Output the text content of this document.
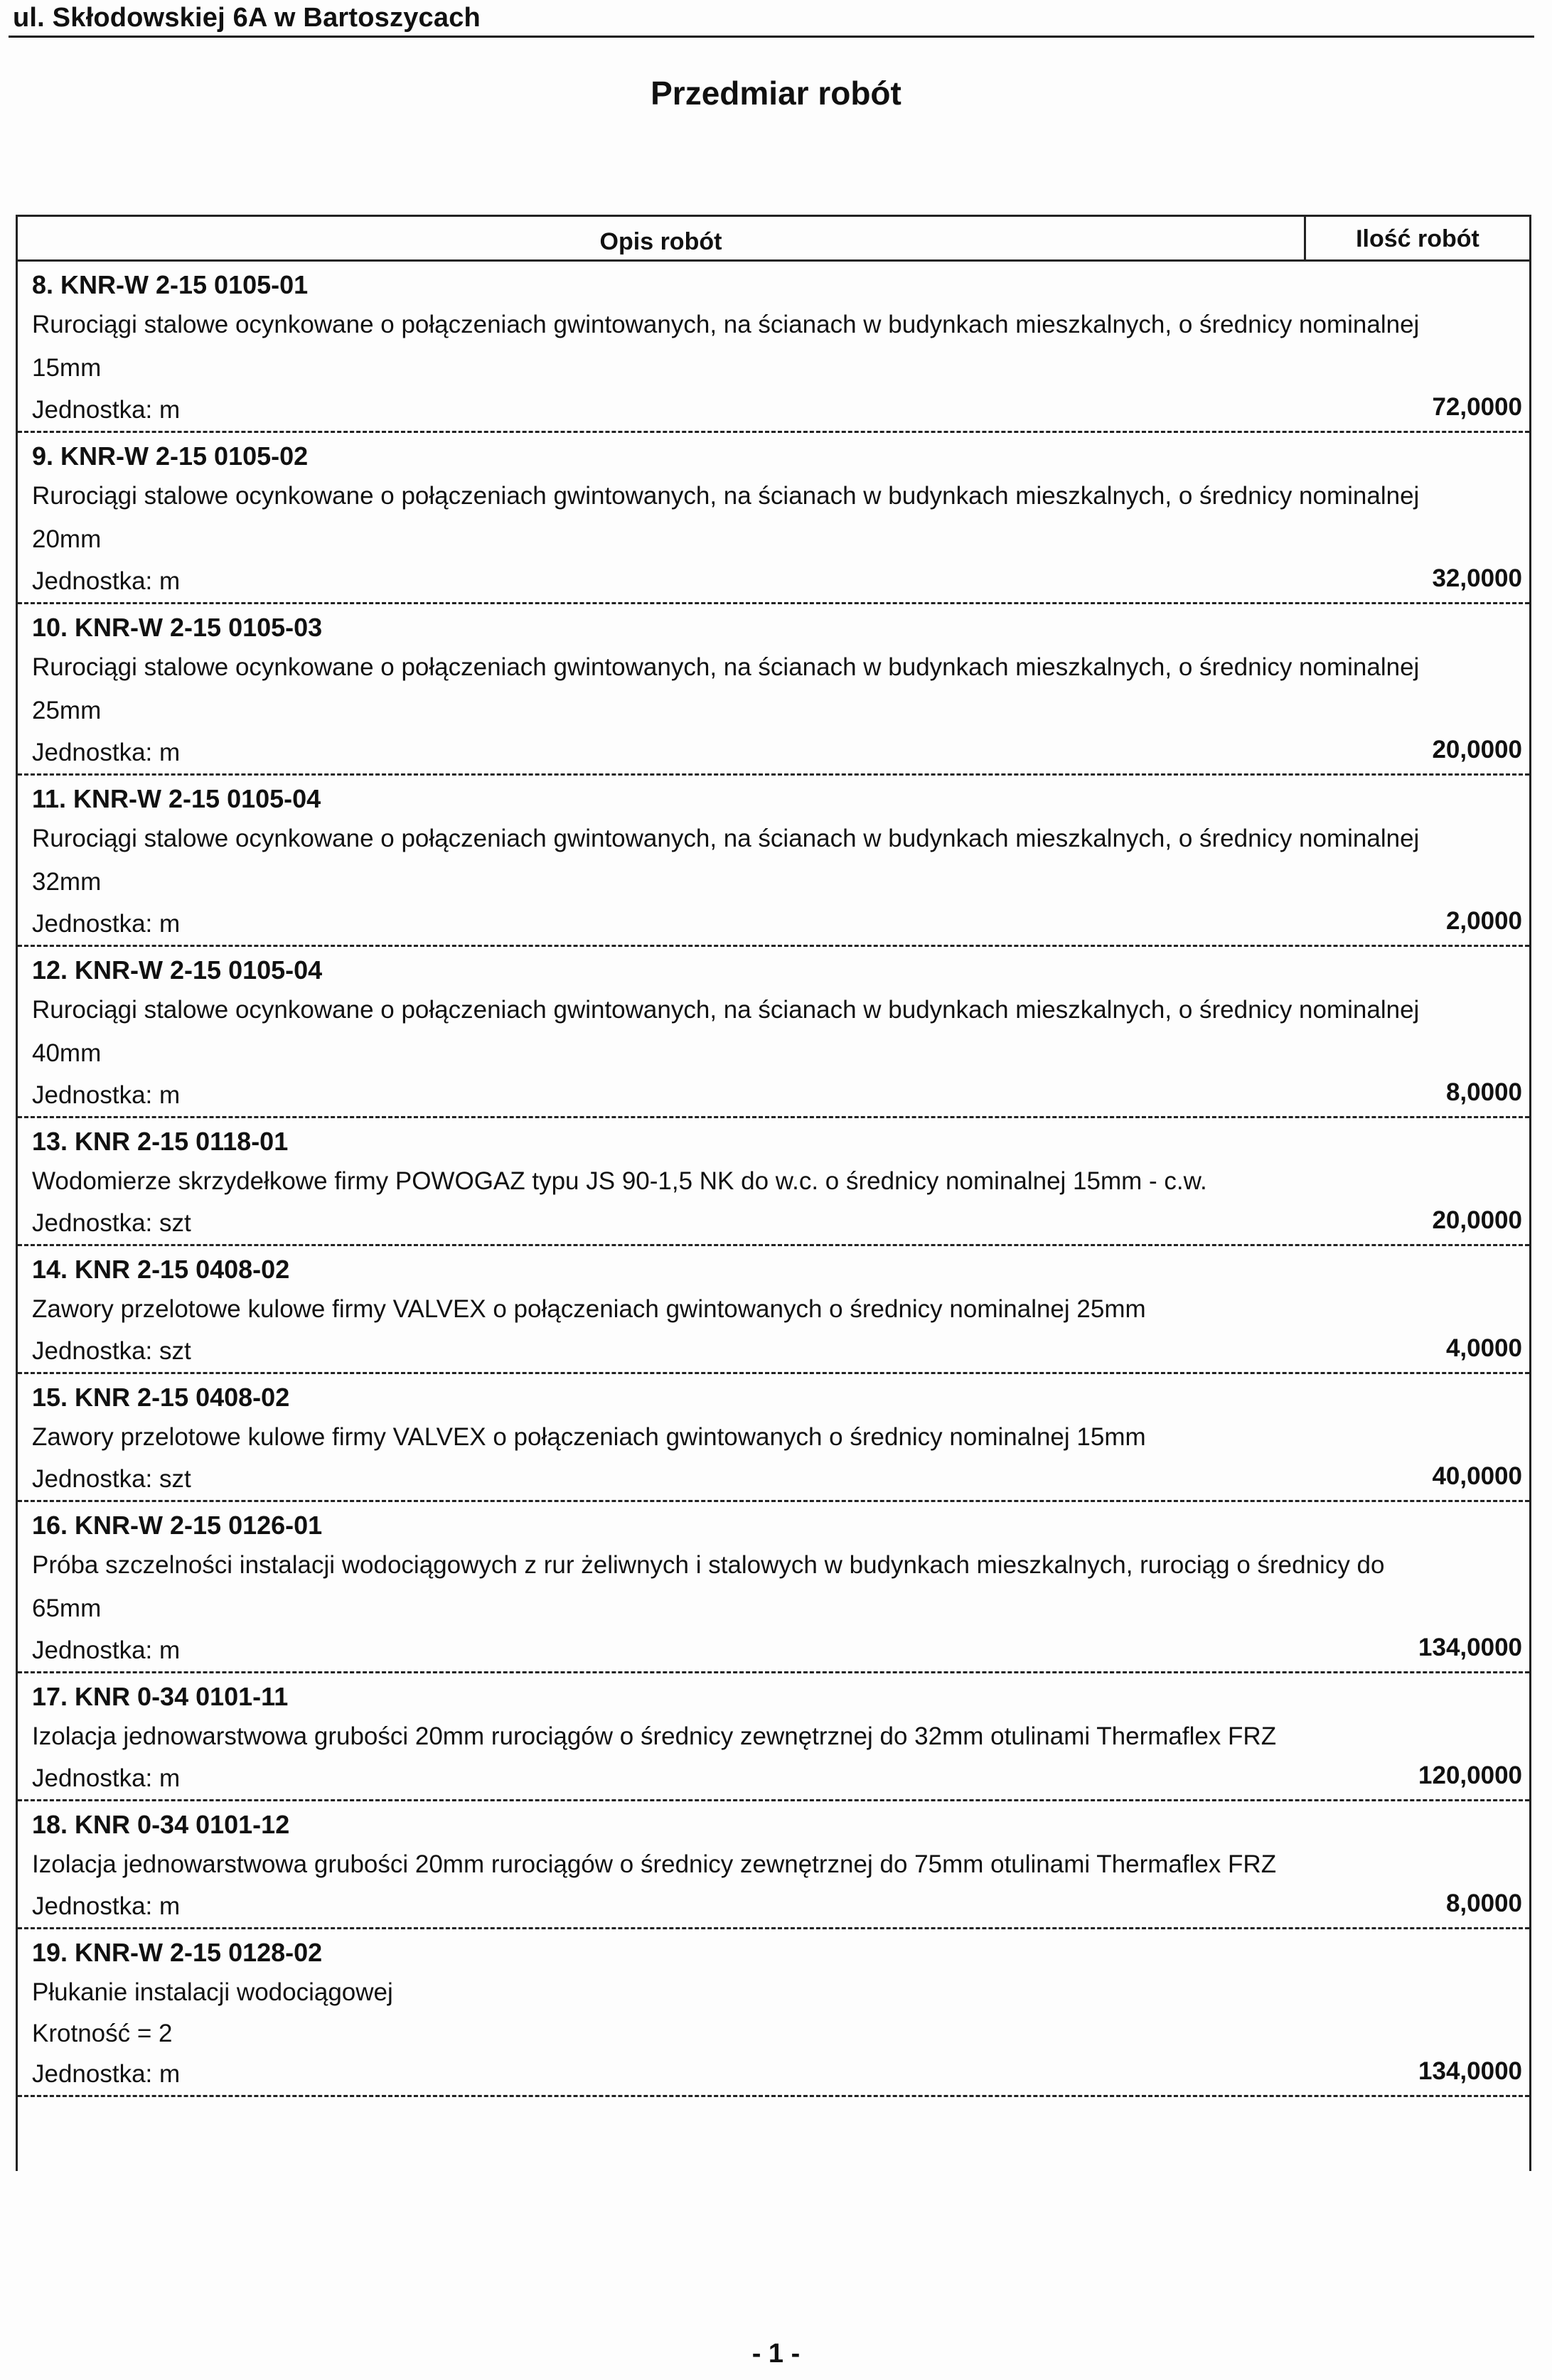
ul. Skłodowskiej 6A w Bartoszycach
Przedmiar robót
Opis robót	Ilość robót
8. KNR-W 2-15 0105-01
Rurociągi stalowe ocynkowane o połączeniach gwintowanych, na ścianach w budynkach mieszkalnych, o średnicy nominalnej 15mm
Jednostka: m	72,0000
9. KNR-W 2-15 0105-02
Rurociągi stalowe ocynkowane o połączeniach gwintowanych, na ścianach w budynkach mieszkalnych, o średnicy nominalnej 20mm
Jednostka: m	32,0000
10. KNR-W 2-15 0105-03
Rurociągi stalowe ocynkowane o połączeniach gwintowanych, na ścianach w budynkach mieszkalnych, o średnicy nominalnej 25mm
Jednostka: m	20,0000
11. KNR-W 2-15 0105-04
Rurociągi stalowe ocynkowane o połączeniach gwintowanych, na ścianach w budynkach mieszkalnych, o średnicy nominalnej 32mm
Jednostka: m	2,0000
12. KNR-W 2-15 0105-04
Rurociągi stalowe ocynkowane o połączeniach gwintowanych, na ścianach w budynkach mieszkalnych, o średnicy nominalnej 40mm
Jednostka: m	8,0000
13. KNR 2-15 0118-01
Wodomierze skrzydełkowe firmy POWOGAZ typu JS 90-1,5 NK do w.c. o średnicy nominalnej 15mm - c.w.
Jednostka: szt	20,0000
14. KNR 2-15 0408-02
Zawory przelotowe kulowe firmy VALVEX o połączeniach gwintowanych o średnicy nominalnej 25mm
Jednostka: szt	4,0000
15. KNR 2-15 0408-02
Zawory przelotowe kulowe firmy VALVEX o połączeniach gwintowanych o średnicy nominalnej 15mm
Jednostka: szt	40,0000
16. KNR-W 2-15 0126-01
Próba szczelności instalacji wodociągowych z rur żeliwnych i stalowych w budynkach mieszkalnych, rurociąg o średnicy do 65mm
Jednostka: m	134,0000
17. KNR 0-34 0101-11
Izolacja jednowarstwowa grubości 20mm rurociągów o średnicy zewnętrznej do 32mm otulinami Thermaflex FRZ
Jednostka: m	120,0000
18. KNR 0-34 0101-12
Izolacja jednowarstwowa grubości 20mm rurociągów o średnicy zewnętrznej do 75mm otulinami Thermaflex FRZ
Jednostka: m	8,0000
19. KNR-W 2-15 0128-02
Płukanie instalacji wodociągowej
Krotność = 2
Jednostka: m	134,0000
- 1 -
